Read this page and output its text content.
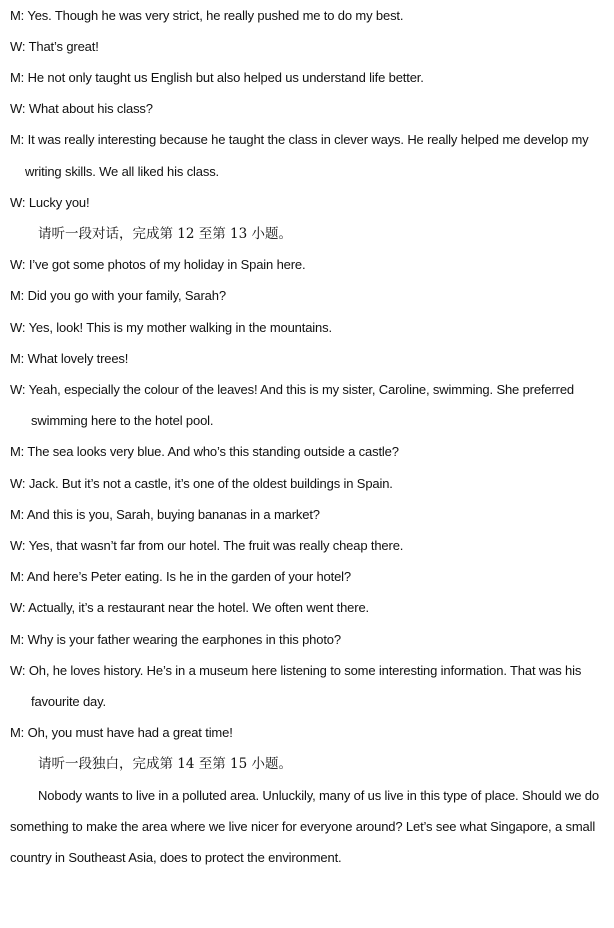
M: Yes. Though he was very strict, he really pushed me to do my best.
W: That’s great!
M: He not only taught us English but also helped us understand life better.
W: What about his class?
M: It was really interesting because he taught the class in clever ways. He really helped me develop my
writing skills. We all liked his class.
W: Lucky you!
请听一段对话，完成第 12 至第 13 小题。
W: I’ve got some photos of my holiday in Spain here.
M: Did you go with your family, Sarah?
W: Yes, look! This is my mother walking in the mountains.
M: What lovely trees!
W: Yeah, especially the colour of the leaves! And this is my sister, Caroline, swimming. She preferred
swimming here to the hotel pool.
M: The sea looks very blue. And who’s this standing outside a castle?
W: Jack. But it’s not a castle, it’s one of the oldest buildings in Spain.
M: And this is you, Sarah, buying bananas in a market?
W: Yes, that wasn’t far from our hotel. The fruit was really cheap there.
M: And here’s Peter eating. Is he in the garden of your hotel?
W: Actually, it’s a restaurant near the hotel. We often went there.
M: Why is your father wearing the earphones in this photo?
W: Oh, he loves history. He’s in a museum here listening to some interesting information. That was his
favourite day.
M: Oh, you must have had a great time!
请听一段独白，完成第 14 至第 15 小题。
Nobody wants to live in a polluted area. Unluckily, many of us live in this type of place. Should we do
something to make the area where we live nicer for everyone around? Let’s see what Singapore, a small
country in Southeast Asia, does to protect the environment.
